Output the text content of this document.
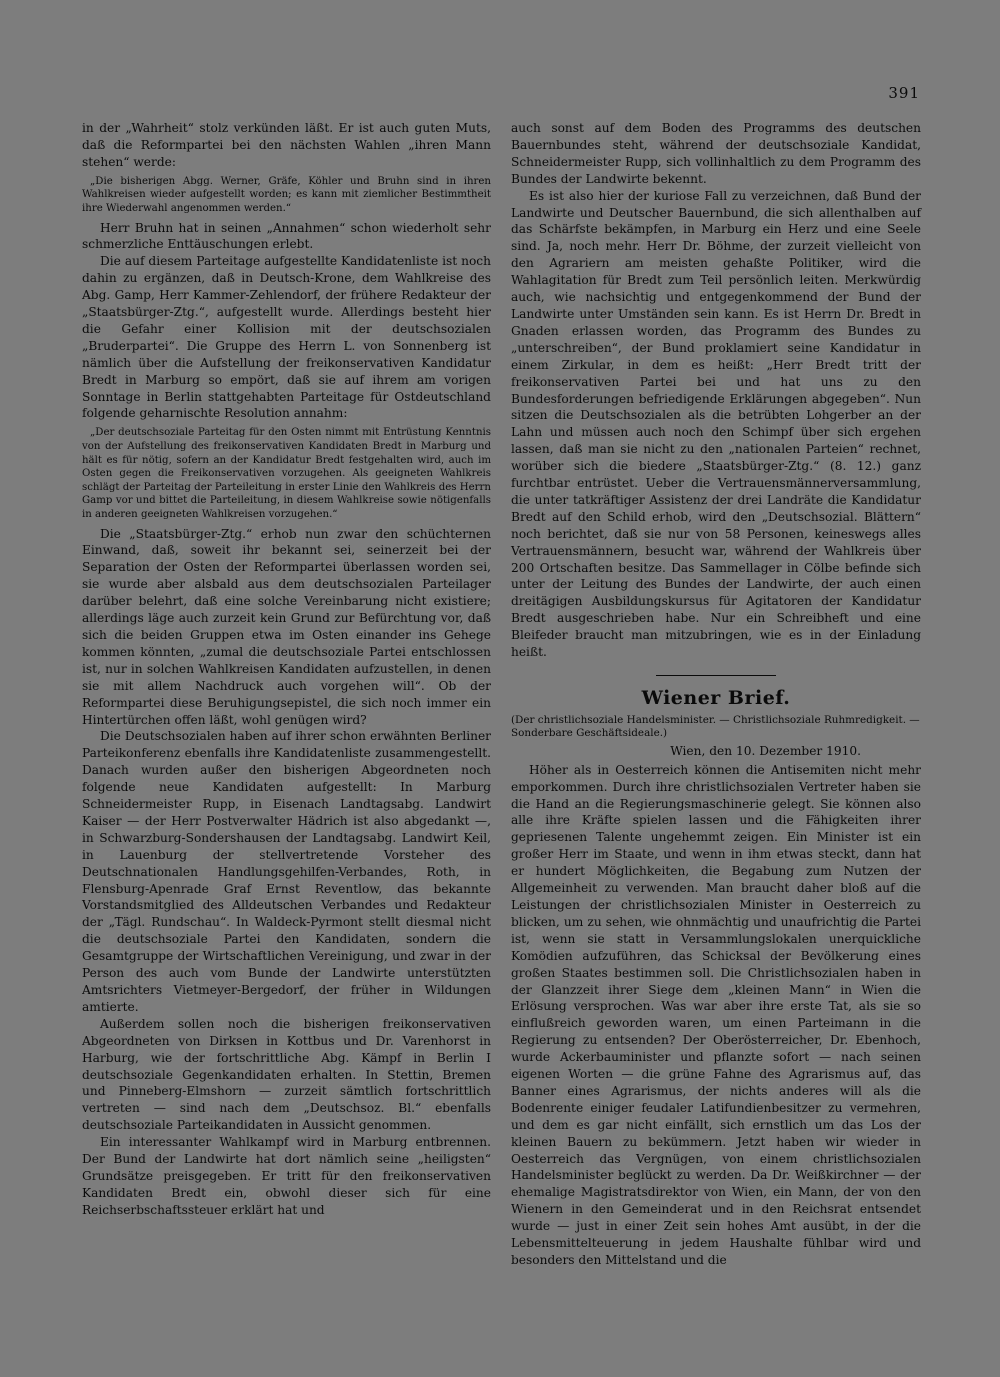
391

in der „Wahrheit“ stolz verkünden läßt. Er ist auch guten Muts, daß die Reformpartei bei den nächsten Wahlen „ihren Mann stehen“ werde:

„Die bisherigen Abgg. Werner, Gräfe, Köhler und Bruhn sind in ihren Wahlkreisen wieder aufgestellt worden; es kann mit ziemlicher Bestimmtheit ihre Wiederwahl angenommen werden.“

Herr Bruhn hat in seinen „Annahmen“ schon wiederholt sehr schmerzliche Enttäuschungen erlebt.

Die auf diesem Parteitage aufgestellte Kandidatenliste ist noch dahin zu ergänzen, daß in Deutsch-Krone, dem Wahlkreise des Abg. Gamp, Herr Kammer-Zehlendorf, der frühere Redakteur der „Staatsbürger-Ztg.“, aufgestellt wurde. Allerdings besteht hier die Gefahr einer Kollision mit der deutschsozialen „Bruderpartei“. Die Gruppe des Herrn L. von Sonnenberg ist nämlich über die Aufstellung der freikonservativen Kandidatur Bredt in Marburg so empört, daß sie auf ihrem am vorigen Sonntage in Berlin stattgehabten Parteitage für Ostdeutschland folgende geharnischte Resolution annahm:

„Der deutschsoziale Parteitag für den Osten nimmt mit Entrüstung Kenntnis von der Aufstellung des freikonservativen Kandidaten Bredt in Marburg und hält es für nötig, sofern an der Kandidatur Bredt festgehalten wird, auch im Osten gegen die Freikonservativen vorzugehen. Als geeigneten Wahlkreis schlägt der Parteitag der Parteileitung in erster Linie den Wahlkreis des Herrn Gamp vor und bittet die Parteileitung, in diesem Wahlkreise sowie nötigenfalls in anderen geeigneten Wahlkreisen vorzugehen.“

Die „Staatsbürger-Ztg.“ erhob nun zwar den schüchternen Einwand, daß, soweit ihr bekannt sei, seinerzeit bei der Separation der Osten der Reformpartei überlassen worden sei, sie wurde aber alsbald aus dem deutschsozialen Parteilager darüber belehrt, daß eine solche Vereinbarung nicht existiere; allerdings läge auch zurzeit kein Grund zur Befürchtung vor, daß sich die beiden Gruppen etwa im Osten einander ins Gehege kommen könnten, „zumal die deutschsoziale Partei entschlossen ist, nur in solchen Wahlkreisen Kandidaten aufzustellen, in denen sie mit allem Nachdruck auch vorgehen will“. Ob der Reformpartei diese Beruhigungsepistel, die sich noch immer ein Hintertürchen offen läßt, wohl genügen wird?

Die Deutschsozialen haben auf ihrer schon erwähnten Berliner Parteikonferenz ebenfalls ihre Kandidatenliste zusammengestellt. Danach wurden außer den bisherigen Abgeordneten noch folgende neue Kandidaten aufgestellt: In Marburg Schneidermeister Rupp, in Eisenach Landtagsabg. Landwirt Kaiser — der Herr Postverwalter Hädrich ist also abgedankt —, in Schwarzburg-Sondershausen der Landtagsabg. Landwirt Keil, in Lauenburg der stellvertretende Vorsteher des Deutschnationalen Handlungsgehilfen-Verbandes, Roth, in Flensburg-Apenrade Graf Ernst Reventlow, das bekannte Vorstandsmitglied des Alldeutschen Verbandes und Redakteur der „Tägl. Rundschau“. In Waldeck-Pyrmont stellt diesmal nicht die deutschsoziale Partei den Kandidaten, sondern die Gesamtgruppe der Wirtschaftlichen Vereinigung, und zwar in der Person des auch vom Bunde der Landwirte unterstützten Amtsrichters Vietmeyer-Bergedorf, der früher in Wildungen amtierte.

Außerdem sollen noch die bisherigen freikonservativen Abgeordneten von Dirksen in Kottbus und Dr. Varenhorst in Harburg, wie der fortschrittliche Abg. Kämpf in Berlin I deutschsoziale Gegenkandidaten erhalten. In Stettin, Bremen und Pinneberg-Elmshorn — zurzeit sämtlich fortschrittlich vertreten — sind nach dem „Deutschsoz. Bl.“ ebenfalls deutschsoziale Parteikandidaten in Aussicht genommen.

Ein interessanter Wahlkampf wird in Marburg entbrennen. Der Bund der Landwirte hat dort nämlich seine „heiligsten“ Grundsätze preisgegeben. Er tritt für den freikonservativen Kandidaten Bredt ein, obwohl dieser sich für eine Reichserbschaftssteuer erklärt hat und

auch sonst auf dem Boden des Programms des deutschen Bauernbundes steht, während der deutschsoziale Kandidat, Schneidermeister Rupp, sich vollinhaltlich zu dem Programm des Bundes der Landwirte bekennt.

Es ist also hier der kuriose Fall zu verzeichnen, daß Bund der Landwirte und Deutscher Bauernbund, die sich allenthalben auf das Schärfste bekämpfen, in Marburg ein Herz und eine Seele sind. Ja, noch mehr. Herr Dr. Böhme, der zurzeit vielleicht von den Agrariern am meisten gehaßte Politiker, wird die Wahlagitation für Bredt zum Teil persönlich leiten. Merkwürdig auch, wie nachsichtig und entgegenkommend der Bund der Landwirte unter Umständen sein kann. Es ist Herrn Dr. Bredt in Gnaden erlassen worden, das Programm des Bundes zu „unterschreiben“, der Bund proklamiert seine Kandidatur in einem Zirkular, in dem es heißt: „Herr Bredt tritt der freikonservativen Partei bei und hat uns zu den Bundesforderungen befriedigende Erklärungen abgegeben“. Nun sitzen die Deutschsozialen als die betrübten Lohgerber an der Lahn und müssen auch noch den Schimpf über sich ergehen lassen, daß man sie nicht zu den „nationalen Parteien“ rechnet, worüber sich die biedere „Staatsbürger-Ztg.“ (8. 12.) ganz furchtbar entrüstet. Ueber die Vertrauensmännerversammlung, die unter tatkräftiger Assistenz der drei Landräte die Kandidatur Bredt auf den Schild erhob, wird den „Deutschsozial. Blättern“ noch berichtet, daß sie nur von 58 Personen, keineswegs alles Vertrauensmännern, besucht war, während der Wahlkreis über 200 Ortschaften besitze. Das Sammellager in Cölbe befinde sich unter der Leitung des Bundes der Landwirte, der auch einen dreitägigen Ausbildungskursus für Agitatoren der Kandidatur Bredt ausgeschrieben habe. Nur ein Schreibheft und eine Bleifeder braucht man mitzubringen, wie es in der Einladung heißt.

Wiener Brief.
(Der christlichsoziale Handelsminister. — Christlichsoziale Ruhmredigkeit. — Sonderbare Geschäftsideale.)
Wien, den 10. Dezember 1910.

Höher als in Oesterreich können die Antisemiten nicht mehr emporkommen. Durch ihre christlichsozialen Vertreter haben sie die Hand an die Regierungsmaschinerie gelegt. Sie können also alle ihre Kräfte spielen lassen und die Fähigkeiten ihrer gepriesenen Talente ungehemmt zeigen. Ein Minister ist ein großer Herr im Staate, und wenn in ihm etwas steckt, dann hat er hundert Möglichkeiten, die Begabung zum Nutzen der Allgemeinheit zu verwenden. Man braucht daher bloß auf die Leistungen der christlichsozialen Minister in Oesterreich zu blicken, um zu sehen, wie ohnmächtig und unaufrichtig die Partei ist, wenn sie statt in Versammlungslokalen unerquickliche Komödien aufzuführen, das Schicksal der Bevölkerung eines großen Staates bestimmen soll. Die Christlichsozialen haben in der Glanzzeit ihrer Siege dem „kleinen Mann“ in Wien die Erlösung versprochen. Was war aber ihre erste Tat, als sie so einflußreich geworden waren, um einen Parteimann in die Regierung zu entsenden? Der Oberösterreicher, Dr. Ebenhoch, wurde Ackerbauminister und pflanzte sofort — nach seinen eigenen Worten — die grüne Fahne des Agrarismus auf, das Banner eines Agrarismus, der nichts anderes will als die Bodenrente einiger feudaler Latifundienbesitzer zu vermehren, und dem es gar nicht einfällt, sich ernstlich um das Los der kleinen Bauern zu bekümmern. Jetzt haben wir wieder in Oesterreich das Vergnügen, von einem christlichsozialen Handelsminister beglückt zu werden. Da Dr. Weißkirchner — der ehemalige Magistratsdirektor von Wien, ein Mann, der von den Wienern in den Gemeinderat und in den Reichsrat entsendet wurde — just in einer Zeit sein hohes Amt ausübt, in der die Lebensmittelteuerung in jedem Haushalte fühlbar wird und besonders den Mittelstand und die
